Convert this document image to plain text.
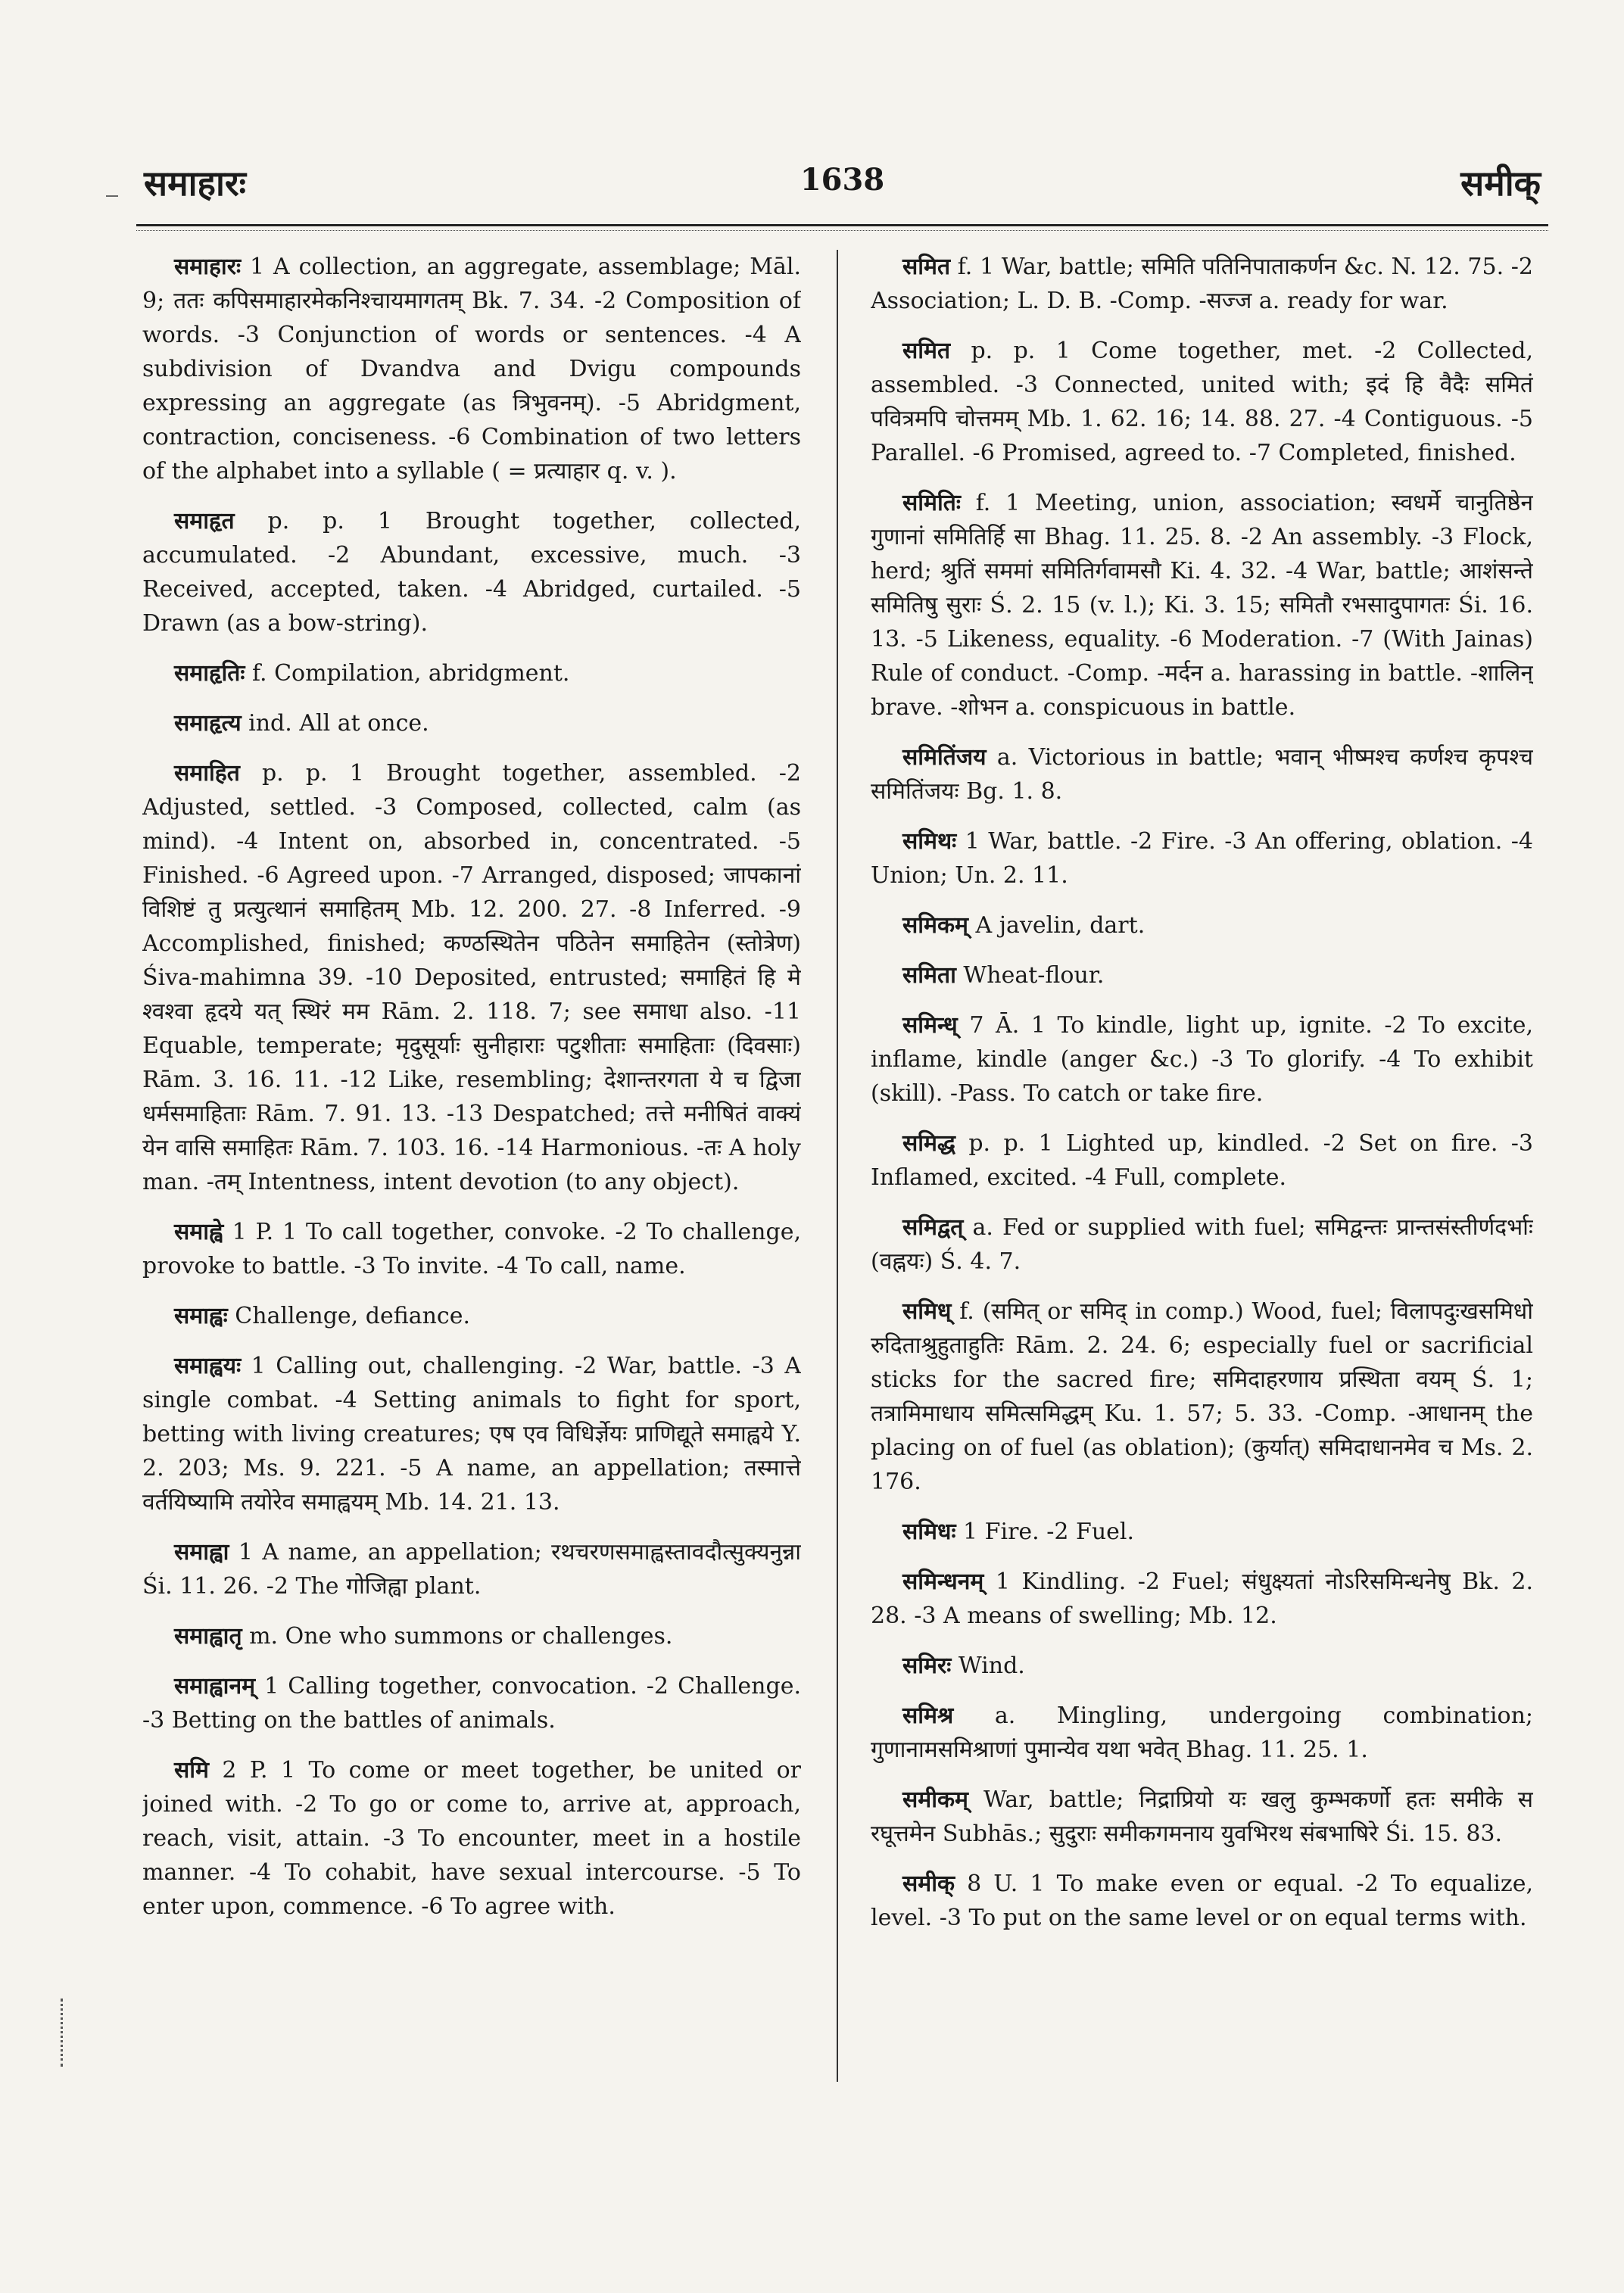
समाहारः	1638	समीक्

समाहारः 1 A collection, an aggregate, assemblage; Māl. 9; ततः कपिसमाहारमेकनिश्चायमागतम् Bk. 7. 34. -2 Composition of words. -3 Conjunction of words or sentences. -4 A subdivision of Dvandva and Dvigu compounds expressing an aggregate (as त्रिभुवनम्). -5 Abridgment, contraction, conciseness. -6 Combination of two letters of the alphabet into a syllable ( = प्रत्याहार q. v. ).

समाहृत p. p. 1 Brought together, collected, accumulated. -2 Abundant, excessive, much. -3 Received, accepted, taken. -4 Abridged, curtailed. -5 Drawn (as a bow-string).

समाहृतिः f. Compilation, abridgment.

समाहृत्य ind. All at once.

समाहित p. p. 1 Brought together, assembled. -2 Adjusted, settled. -3 Composed, collected, calm (as mind). -4 Intent on, absorbed in, concentrated. -5 Finished. -6 Agreed upon. -7 Arranged, disposed; जापकानां विशिष्टं तु प्रत्युत्थानं समाहितम् Mb. 12. 200. 27. -8 Inferred. -9 Accomplished, finished; कण्ठस्थितेन पठितेन समाहितेन (स्तोत्रेण) Śiva-mahimna 39. -10 Deposited, entrusted; समाहितं हि मे श्वश्वा हृदये यत् स्थिरं मम Rām. 2. 118. 7; see समाधा also. -11 Equable, temperate; मृदुसूर्याः सुनीहाराः पटुशीताः समाहिताः (दिवसाः) Rām. 3. 16. 11. -12 Like, resembling; देशान्तरगता ये च द्विजा धर्मसमाहिताः Rām. 7. 91. 13. -13 Despatched; तत्ते मनीषितं वाक्यं येन वासि समाहितः Rām. 7. 103. 16. -14 Harmonious. -तः A holy man. -तम् Intentness, intent devotion (to any object).

समाह्वे 1 P. 1 To call together, convoke. -2 To challenge, provoke to battle. -3 To invite. -4 To call, name.

समाह्वः Challenge, defiance.

समाह्वयः 1 Calling out, challenging. -2 War, battle. -3 A single combat. -4 Setting animals to fight for sport, betting with living creatures; एष एव विधिर्ज्ञेयः प्राणिद्यूते समाह्वये Y. 2. 203; Ms. 9. 221. -5 A name, an appellation; तस्मात्ते वर्तयिष्यामि तयोरेव समाह्वयम् Mb. 14. 21. 13.

समाह्वा 1 A name, an appellation; रथचरणसमाह्वस्तावदौत्सुक्यनुन्ना Śi. 11. 26. -2 The गोजिह्वा plant.

समाह्वातृ m. One who summons or challenges.

समाह्वानम् 1 Calling together, convocation. -2 Challenge. -3 Betting on the battles of animals.

समि 2 P. 1 To come or meet together, be united or joined with. -2 To go or come to, arrive at, approach, reach, visit, attain. -3 To encounter, meet in a hostile manner. -4 To cohabit, have sexual intercourse. -5 To enter upon, commence. -6 To agree with.

समित f. 1 War, battle; समिति पतिनिपाताकर्णन &c. N. 12. 75. -2 Association; L. D. B. -Comp. -सज्ज a. ready for war.

समित p. p. 1 Come together, met. -2 Collected, assembled. -3 Connected, united with; इदं हि वैदैः समितं पवित्रमपि चोत्तमम् Mb. 1. 62. 16; 14. 88. 27. -4 Contiguous. -5 Parallel. -6 Promised, agreed to. -7 Completed, finished.

समितिः f. 1 Meeting, union, association; स्वधर्मे चानुतिष्ठेन गुणानां समितिर्हि सा Bhag. 11. 25. 8. -2 An assembly. -3 Flock, herd; श्रुतिं सममां समितिर्गवामसौ Ki. 4. 32. -4 War, battle; आशंसन्ते समितिषु सुराः Ś. 2. 15 (v. l.); Ki. 3. 15; समितौ रभसादुपागतः Śi. 16. 13. -5 Likeness, equality. -6 Moderation. -7 (With Jainas) Rule of conduct. -Comp. -मर्दन a. harassing in battle. -शालिन् brave. -शोभन a. conspicuous in battle.

समितिंजय a. Victorious in battle; भवान् भीष्मश्च कर्णश्च कृपश्च समितिंजयः Bg. 1. 8.

समिथः 1 War, battle. -2 Fire. -3 An offering, oblation. -4 Union; Un. 2. 11.

समिकम् A javelin, dart.

समिता Wheat-flour.

समिन्ध् 7 Ā. 1 To kindle, light up, ignite. -2 To excite, inflame, kindle (anger &c.) -3 To glorify. -4 To exhibit (skill). -Pass. To catch or take fire.

समिद्ध p. p. 1 Lighted up, kindled. -2 Set on fire. -3 Inflamed, excited. -4 Full, complete.

समिद्वत् a. Fed or supplied with fuel; समिद्वन्तः प्रान्तसंस्तीर्णदर्भाः (वह्नयः) Ś. 4. 7.

समिध् f. (समित् or समिद् in comp.) Wood, fuel; विलापदुःखसमिधो रुदिताश्रुहुताहुतिः Rām. 2. 24. 6; especially fuel or sacrificial sticks for the sacred fire; समिदाहरणाय प्रस्थिता वयम् Ś. 1; तत्रामिमाधाय समित्समिद्धम् Ku. 1. 57; 5. 33. -Comp. -आधानम् the placing on of fuel (as oblation); (कुर्यात्) समिदाधानमेव च Ms. 2. 176.

समिधः 1 Fire. -2 Fuel.

समिन्धनम् 1 Kindling. -2 Fuel; संधुक्ष्यतां नोऽरिसमिन्धनेषु Bk. 2. 28. -3 A means of swelling; Mb. 12.

समिरः Wind.

समिश्र a. Mingling, undergoing combination; गुणानामसमिश्राणां पुमान्येव यथा भवेत् Bhag. 11. 25. 1.

समीकम् War, battle; निद्राप्रियो यः खलु कुम्भकर्णो हतः समीके स रघूत्तमेन Subhās.; सुदुराः समीकगमनाय युवभिरथ संबभाषिरे Śi. 15. 83.

समीक् 8 U. 1 To make even or equal. -2 To equalize, level. -3 To put on the same level or on equal terms with.
